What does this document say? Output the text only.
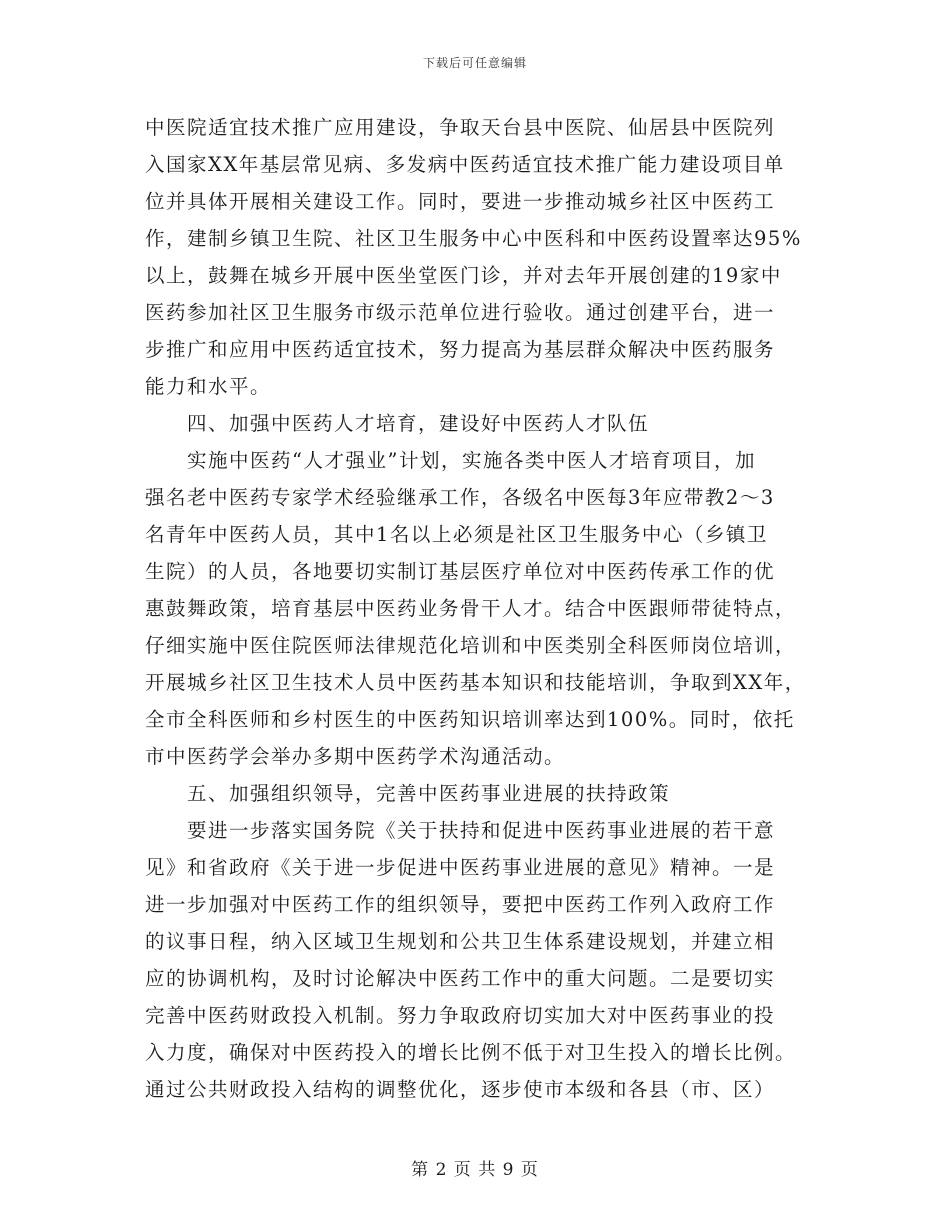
下载后可任意编辑
中医院适宜技术推广应用建设，争取天台县中医院、仙居县中医院列
入国家XX年基层常见病、多发病中医药适宜技术推广能力建设项目单
位并具体开展相关建设工作。同时，要进一步推动城乡社区中医药工
作，建制乡镇卫生院、社区卫生服务中心中医科和中医药设置率达95%
以上，鼓舞在城乡开展中医坐堂医门诊，并对去年开展创建的19家中
医药参加社区卫生服务市级示范单位进行验收。通过创建平台，进一
步推广和应用中医药适宜技术，努力提高为基层群众解决中医药服务
能力和水平。
四、加强中医药人才培育，建设好中医药人才队伍
实施中医药“人才强业”计划，实施各类中医人才培育项目，加
强名老中医药专家学术经验继承工作，各级名中医每3年应带教2～3
名青年中医药人员，其中1名以上必须是社区卫生服务中心（乡镇卫
生院）的人员，各地要切实制订基层医疗单位对中医药传承工作的优
惠鼓舞政策，培育基层中医药业务骨干人才。结合中医跟师带徒特点，
仔细实施中医住院医师法律规范化培训和中医类别全科医师岗位培训，
开展城乡社区卫生技术人员中医药基本知识和技能培训，争取到XX年，
全市全科医师和乡村医生的中医药知识培训率达到100%。同时，依托
市中医药学会举办多期中医药学术沟通活动。
五、加强组织领导，完善中医药事业进展的扶持政策
要进一步落实国务院《关于扶持和促进中医药事业进展的若干意
见》和省政府《关于进一步促进中医药事业进展的意见》精神。一是
进一步加强对中医药工作的组织领导，要把中医药工作列入政府工作
的议事日程，纳入区域卫生规划和公共卫生体系建设规划，并建立相
应的协调机构，及时讨论解决中医药工作中的重大问题。二是要切实
完善中医药财政投入机制。努力争取政府切实加大对中医药事业的投
入力度，确保对中医药投入的增长比例不低于对卫生投入的增长比例。
通过公共财政投入结构的调整优化，逐步使市本级和各县（市、区）
第 2 页 共 9 页
